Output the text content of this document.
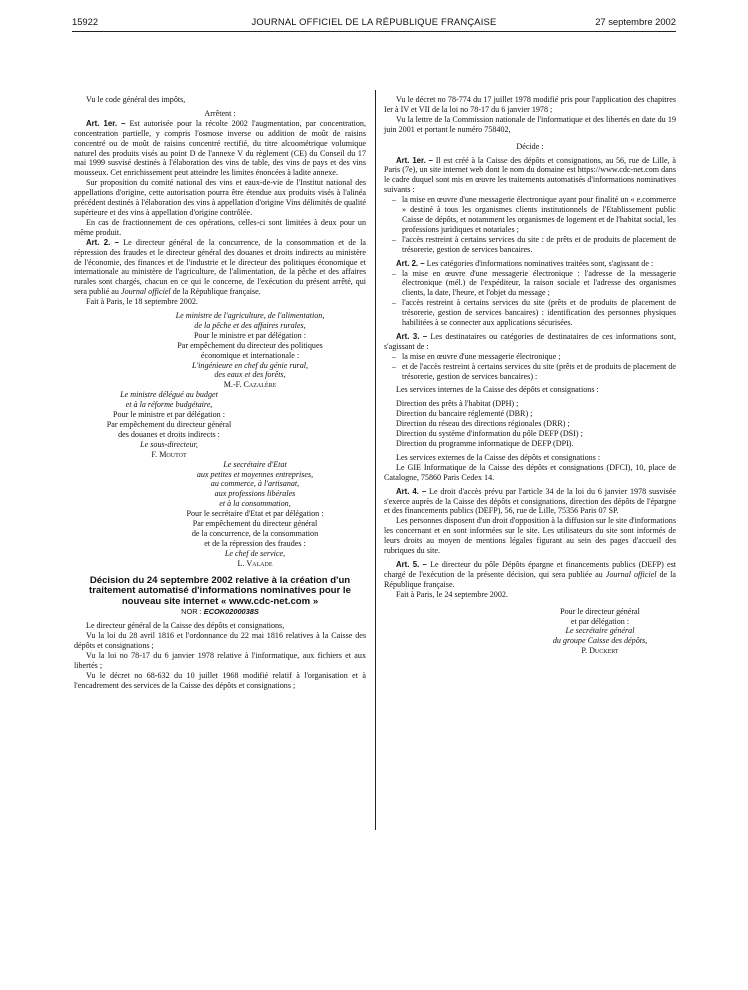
15922	JOURNAL OFFICIEL DE LA RÉPUBLIQUE FRANÇAISE	27 septembre 2002

Vu le code général des impôts,

Arrêtent :

Art. 1er. – Est autorisée pour la récolte 2002 l'augmentation, par concentration, concentration partielle, y compris l'osmose inverse ou addition de moût de raisins concentré ou de moût de raisins concentré rectifié, du titre alcoométrique volumique naturel des produits visés au point D de l'annexe V du règlement (CE) du Conseil du 17 mai 1999 susvisé destinés à l'élaboration des vins de table, des vins de pays et des vins mousseux. Cet enrichissement peut atteindre les limites énoncées à ladite annexe.

Sur proposition du comité national des vins et eaux-de-vie de l'Institut national des appellations d'origine, cette autorisation pourra être étendue aux produits visés à l'alinéa précédent destinés à l'élaboration des vins à appellation d'origine Vins délimités de qualité supérieure et des vins à appellation d'origine contrôlée.

En cas de fractionnement de ces opérations, celles-ci sont limitées à deux pour un même produit.

Art. 2. – Le directeur général de la concurrence, de la consommation et de la répression des fraudes et le directeur général des douanes et droits indirects au ministère de l'économie, des finances et de l'industrie et le directeur des politiques économique et internationale au ministère de l'agriculture, de l'alimentation, de la pêche et des affaires rurales sont chargés, chacun en ce qui le concerne, de l'exécution du présent arrêté, qui sera publié au Journal officiel de la République française.

Fait à Paris, le 18 septembre 2002.

Le ministre de l'agriculture, de l'alimentation,

de la pêche et des affaires rurales,

Pour le ministre et par délégation :

Par empêchement du directeur des politiques

économique et internationale :

L'ingénieure en chef du génie rural,

des eaux et des forêts,

M.-F. Cazalère

Le ministre délégué au budget

et à la réforme budgétaire,

Pour le ministre et par délégation :

Par empêchement du directeur général

des douanes et droits indirects :

Le sous-directeur,

F. Moutot

Le secrétaire d'Etat

aux petites et moyennes entreprises,

au commerce, à l'artisanat,

aux professions libérales

et à la consommation,

Pour le secrétaire d'Etat et par délégation :

Par empêchement du directeur général

de la concurrence, de la consommation

et de la répression des fraudes :

Le chef de service,

L. Valade

Décision du 24 septembre 2002 relative à la création d'un traitement automatisé d'informations nominatives pour le nouveau site internet « www.cdc-net.com »

NOR : ECOK0200038S

Le directeur général de la Caisse des dépôts et consignations,

Vu la loi du 28 avril 1816 et l'ordonnance du 22 mai 1816 relatives à la Caisse des dépôts et consignations ;

Vu la loi no 78-17 du 6 janvier 1978 relative à l'informatique, aux fichiers et aux libertés ;

Vu le décret no 68-632 du 10 juillet 1968 modifié relatif à l'organisation et à l'encadrement des services de la Caisse des dépôts et consignations ;

Vu le décret no 78-774 du 17 juillet 1978 modifié pris pour l'application des chapitres Ier à IV et VII de la loi no 78-17 du 6 janvier 1978 ;

Vu la lettre de la Commission nationale de l'informatique et des libertés en date du 19 juin 2001 et portant le numéro 758402,

Décide :

Art. 1er. – Il est créé à la Caisse des dépôts et consignations, au 56, rue de Lille, à Paris (7e), un site internet web dont le nom du domaine est https://www.cdc-net.com dans le cadre duquel sont mis en œuvre les traitements automatisés d'informations nominatives suivants :

– la mise en œuvre d'une messagerie électronique ayant pour finalité un « e.commerce » destiné à tous les organismes clients institutionnels de l'Etablissement public Caisse de dépôts, et notamment les organismes de logement et de l'habitat social, les professions juridiques et notariales ;
– l'accès restreint à certains services du site : de prêts et de produits de placement de trésorerie, gestion de services bancaires.

Art. 2. – Les catégories d'informations nominatives traitées sont, s'agissant de :

– la mise en œuvre d'une messagerie électronique : l'adresse de la messagerie électronique (mél.) de l'expéditeur, la raison sociale et l'adresse des organismes clients, la date, l'heure, et l'objet du message ;
– l'accès restreint à certains services du site (prêts et de produits de placement de trésorerie, gestion de services bancaires) : identification des personnes physiques habilitées à se connecter aux applications sécurisées.

Art. 3. – Les destinataires ou catégories de destinataires de ces informations sont, s'agissant de :

– la mise en œuvre d'une messagerie électronique ;
– et de l'accès restreint à certains services du site (prêts et de produits de placement de trésorerie, gestion de services bancaires) :

Les services internes de la Caisse des dépôts et consignations :

Direction des prêts à l'habitat (DPH) ;

Direction du bancaire réglementé (DBR) ;

Direction du réseau des directions régionales (DRR) ;

Direction du système d'information du pôle DEFP (DSI) ;

Direction du programme informatique de DEFP (DPI).

Les services externes de la Caisse des dépôts et consignations :

Le GIE Informatique de la Caisse des dépôts et consignations (DFCI), 10, place de Catalogne, 75860 Paris Cedex 14.

Art. 4. – Le droit d'accès prévu par l'article 34 de la loi du 6 janvier 1978 susvisée s'exerce auprès de la Caisse des dépôts et consignations, direction des dépôts de l'épargne et des financements publics (DEFP), 56, rue de Lille, 75356 Paris 07 SP.

Les personnes disposent d'un droit d'opposition à la diffusion sur le site d'informations les concernant et en sont informées sur le site. Les utilisateurs du site sont informés de leurs droits au moyen de mentions légales figurant au sein des pages d'accueil des rubriques du site.

Art. 5. – Le directeur du pôle Dépôts épargne et financements publics (DEFP) est chargé de l'exécution de la présente décision, qui sera publiée au Journal officiel de la République française.

Fait à Paris, le 24 septembre 2002.

Pour le directeur général

et par délégation :

Le secrétaire général

du groupe Caisse des dépôts,

P. Duckert
